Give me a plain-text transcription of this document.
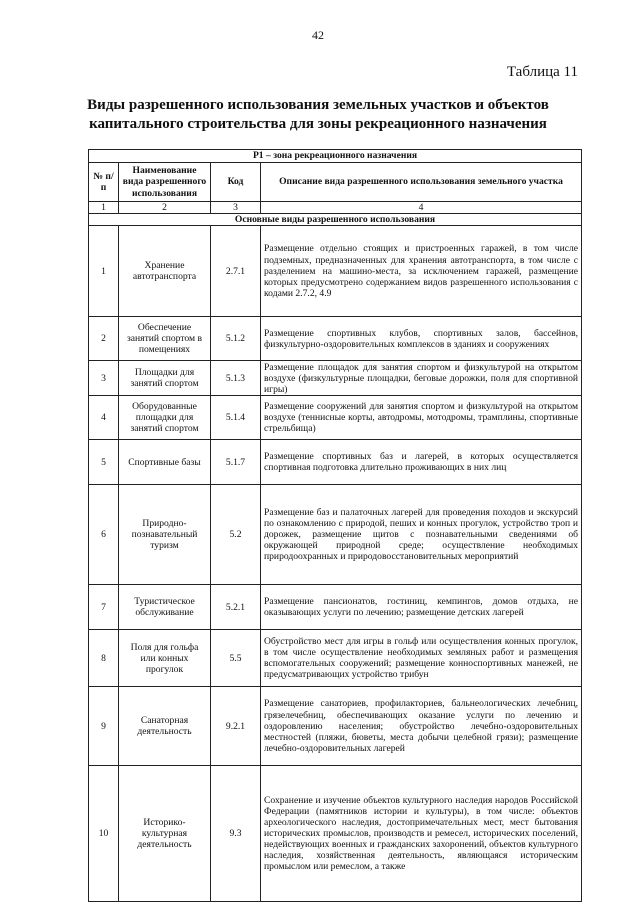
42
Таблица 11
Виды разрешенного использования земельных участков и объектов
капитального строительства для зоны рекреационного назначения
Р1 – зона рекреационного назначения			
№ п/п	Наименование вида разрешенного использования	Код	Описание вида разрешенного использования земельного участка
1	2	3	4
Основные виды разрешенного использования			
1	Хранение автотранспорта	2.7.1	Размещение отдельно стоящих и пристроенных гаражей, в том числе подземных, предназначенных для хранения автотранспорта, в том числе с разделением на машино-места, за исключением гаражей, размещение которых предусмотрено содержанием видов разрешенного использования с кодами 2.7.2, 4.9
2	Обеспечение занятий спортом в помещениях	5.1.2	Размещение спортивных клубов, спортивных залов, бассейнов, физкультурно-оздоровительных комплексов в зданиях и сооружениях
3	Площадки для занятий спортом	5.1.3	Размещение площадок для занятия спортом и физкультурой на открытом воздухе (физкультурные площадки, беговые дорожки, поля для спортивной игры)
4	Оборудованные площадки для занятий спортом	5.1.4	Размещение сооружений для занятия спортом и физкультурой на открытом воздухе (теннисные корты, автодромы, мотодромы, трамплины, спортивные стрельбища)
5	Спортивные базы	5.1.7	Размещение спортивных баз и лагерей, в которых осуществляется спортивная подготовка длительно проживающих в них лиц
6	Природно-познавательный туризм	5.2	Размещение баз и палаточных лагерей для проведения походов и экскурсий по ознакомлению с природой, пеших и конных прогулок, устройство троп и дорожек, размещение щитов с познавательными сведениями об окружающей природной среде; осуществление необходимых природоохранных и природовосстановительных мероприятий
7	Туристическое обслуживание	5.2.1	Размещение пансионатов, гостиниц, кемпингов, домов отдыха, не оказывающих услуги по лечению; размещение детских лагерей
8	Поля для гольфа или конных прогулок	5.5	Обустройство мест для игры в гольф или осуществления конных прогулок, в том числе осуществление необходимых земляных работ и размещения вспомогательных сооружений; размещение конноспортивных манежей, не предусматривающих устройство трибун
9	Санаторная деятельность	9.2.1	Размещение санаториев, профилакториев, бальнеологических лечебниц, грязелечебниц, обеспечивающих оказание услуги по лечению и оздоровлению населения; обустройство лечебно-оздоровительных местностей (пляжи, бюветы, места добычи целебной грязи); размещение лечебно-оздоровительных лагерей
10	Историко-культурная деятельность	9.3	Сохранение и изучение объектов культурного наследия народов Российской Федерации (памятников истории и культуры), в том числе: объектов археологического наследия, достопримечательных мест, мест бытования исторических промыслов, производств и ремесел, исторических поселений, недействующих военных и гражданских захоронений, объектов культурного наследия, хозяйственная деятельность, являющаяся историческим промыслом или ремеслом, а также
